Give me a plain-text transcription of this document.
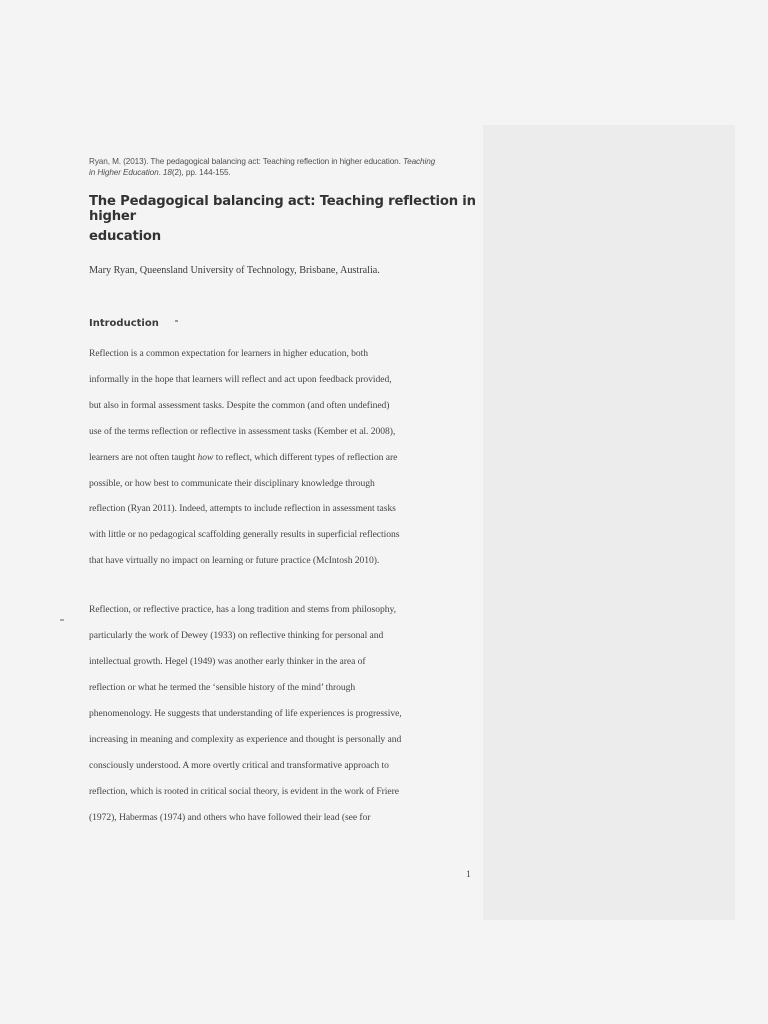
Ryan, M. (2013). The pedagogical balancing act: Teaching reflection in higher education. Teaching
in Higher Education. 18(2), pp. 144-155.
The Pedagogical balancing act: Teaching reflection in higher
education
Mary Ryan, Queensland University of Technology, Brisbane, Australia.
Introduction
Reflection is a common expectation for learners in higher education, both
informally in the hope that learners will reflect and act upon feedback provided,
but also in formal assessment tasks. Despite the common (and often undefined)
use of the terms reflection or reflective in assessment tasks (Kember et al. 2008),
learners are not often taught how to reflect, which different types of reflection are
possible, or how best to communicate their disciplinary knowledge through
reflection (Ryan 2011). Indeed, attempts to include reflection in assessment tasks
with little or no pedagogical scaffolding generally results in superficial reflections
that have virtually no impact on learning or future practice (McIntosh 2010).
Reflection, or reflective practice, has a long tradition and stems from philosophy,
particularly the work of Dewey (1933) on reflective thinking for personal and
intellectual growth. Hegel (1949) was another early thinker in the area of
reflection or what he termed the ‘sensible history of the mind’ through
phenomenology. He suggests that understanding of life experiences is progressive,
increasing in meaning and complexity as experience and thought is personally and
consciously understood. A more overtly critical and transformative approach to
reflection, which is rooted in critical social theory, is evident in the work of Friere
(1972), Habermas (1974) and others who have followed their lead (see for
1
